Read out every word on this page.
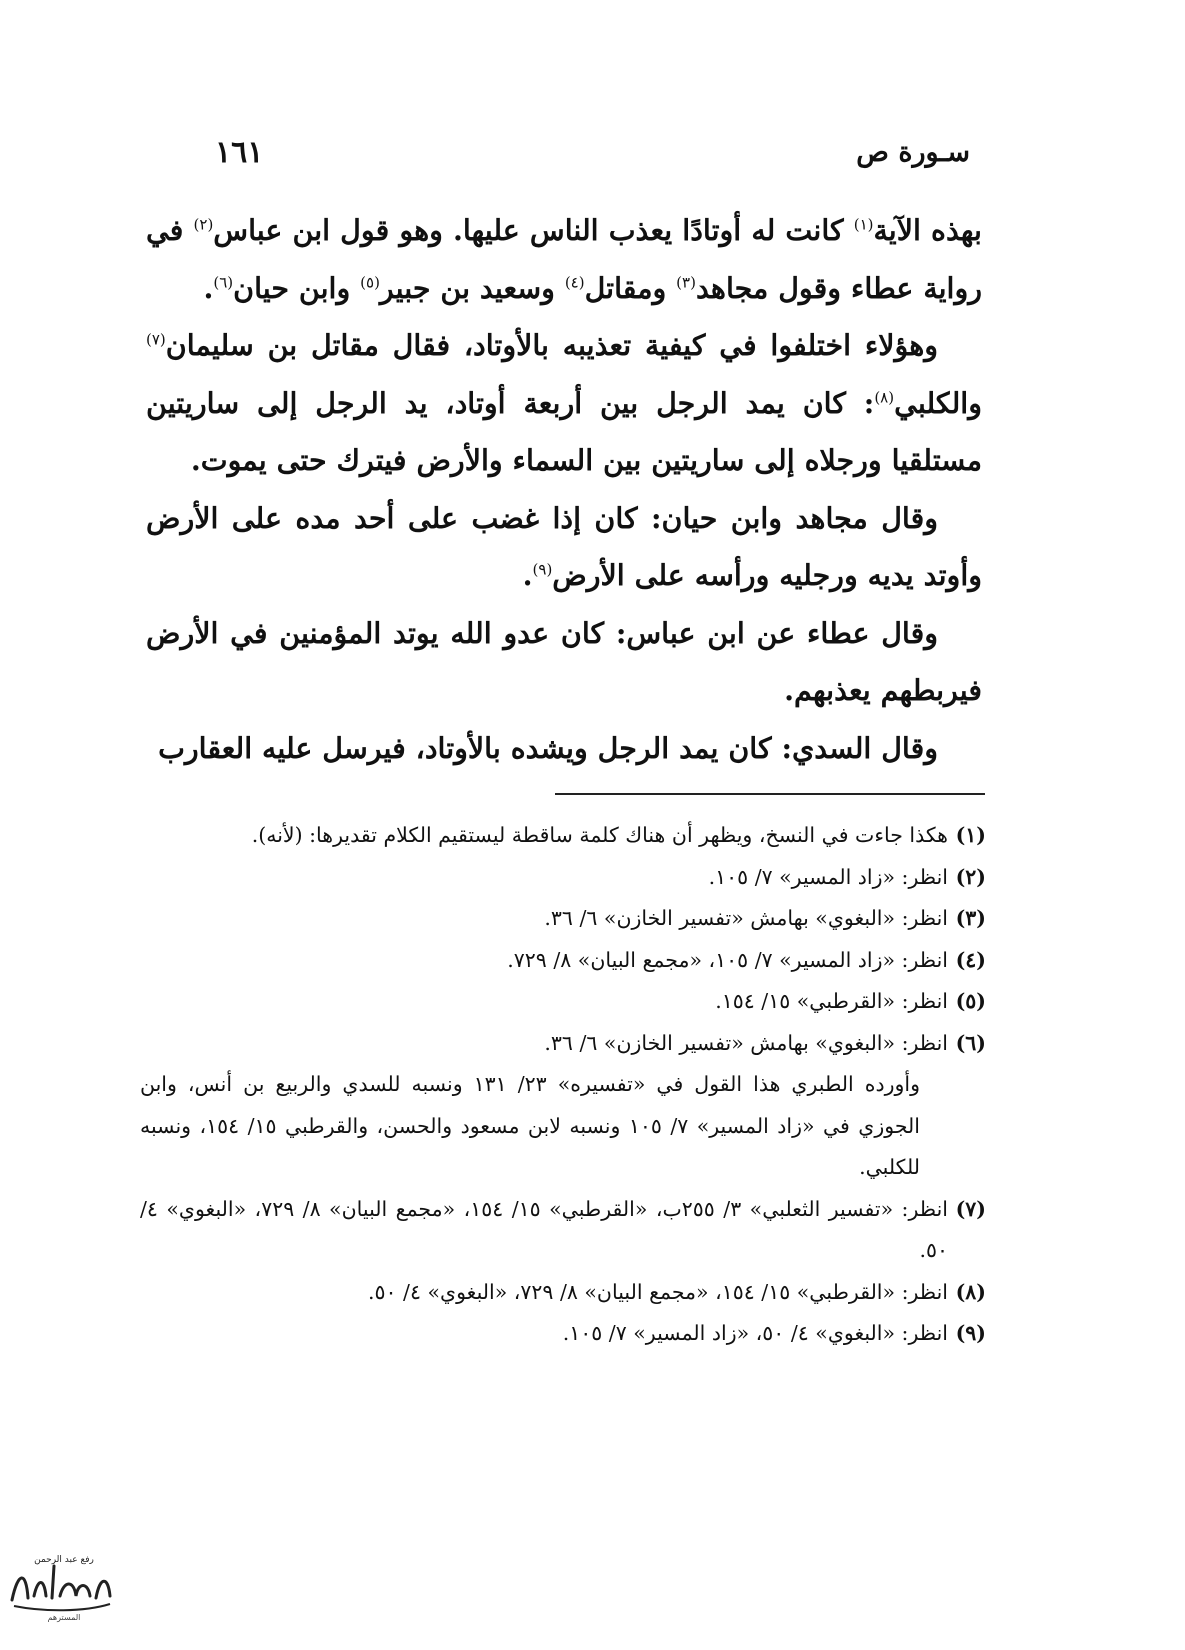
١٦١	سـورة ص

بهذه الآية$^{(١)}$ كانت له أوتادًا يعذب الناس عليها. وهو قول ابن عباس$^{(٢)}$ في رواية عطاء وقول مجاهد$^{(٣)}$ ومقاتل$^{(٤)}$ وسعيد بن جبير$^{(٥)}$ وابن حيان$^{(٦)}$.

وهؤلاء اختلفوا في كيفية تعذيبه بالأوتاد، فقال مقاتل بن سليمان$^{(٧)}$ والكلبي$^{(٨)}$: كان يمد الرجل بين أربعة أوتاد، يد الرجل إلى ساريتين مستلقيا ورجلاه إلى ساريتين بين السماء والأرض فيترك حتى يموت.

وقال مجاهد وابن حيان: كان إذا غضب على أحد مده على الأرض وأوتد يديه ورجليه ورأسه على الأرض$^{(٩)}$.

وقال عطاء عن ابن عباس: كان عدو الله يوتد المؤمنين في الأرض فيربطهم يعذبهم.

وقال السدي: كان يمد الرجل ويشده بالأوتاد، فيرسل عليه العقارب

(١)
هكذا جاءت في النسخ، ويظهر أن هناك كلمة ساقطة ليستقيم الكلام تقديرها: (لأنه).
(٢)
انظر: «زاد المسير» ٧/ ١٠٥.
(٣)
انظر: «البغوي» بهامش «تفسير الخازن» ٦/ ٣٦.
(٤)
انظر: «زاد المسير» ٧/ ١٠٥، «مجمع البيان» ٨/ ٧٢٩.
(٥)
انظر: «القرطبي» ١٥/ ١٥٤.
(٦)
انظر: «البغوي» بهامش «تفسير الخازن» ٦/ ٣٦.
وأورده الطبري هذا القول في «تفسيره» ٢٣/ ١٣١ ونسبه للسدي والربيع بن أنس، وابن الجوزي في «زاد المسير» ٧/ ١٠٥ ونسبه لابن مسعود والحسن، والقرطبي ١٥/ ١٥٤، ونسبه للكلبي.
(٧)
انظر: «تفسير الثعلبي» ٣/ ٢٥٥ب، «القرطبي» ١٥/ ١٥٤، «مجمع البيان» ٨/ ٧٢٩، «البغوي» ٤/ ٥٠.
(٨)
انظر: «القرطبي» ١٥/ ١٥٤، «مجمع البيان» ٨/ ٧٢٩، «البغوي» ٤/ ٥٠.
(٩)
انظر: «البغوي» ٤/ ٥٠، «زاد المسير» ٧/ ١٠٥.
رفع عبد الرحمن
المسترهم
